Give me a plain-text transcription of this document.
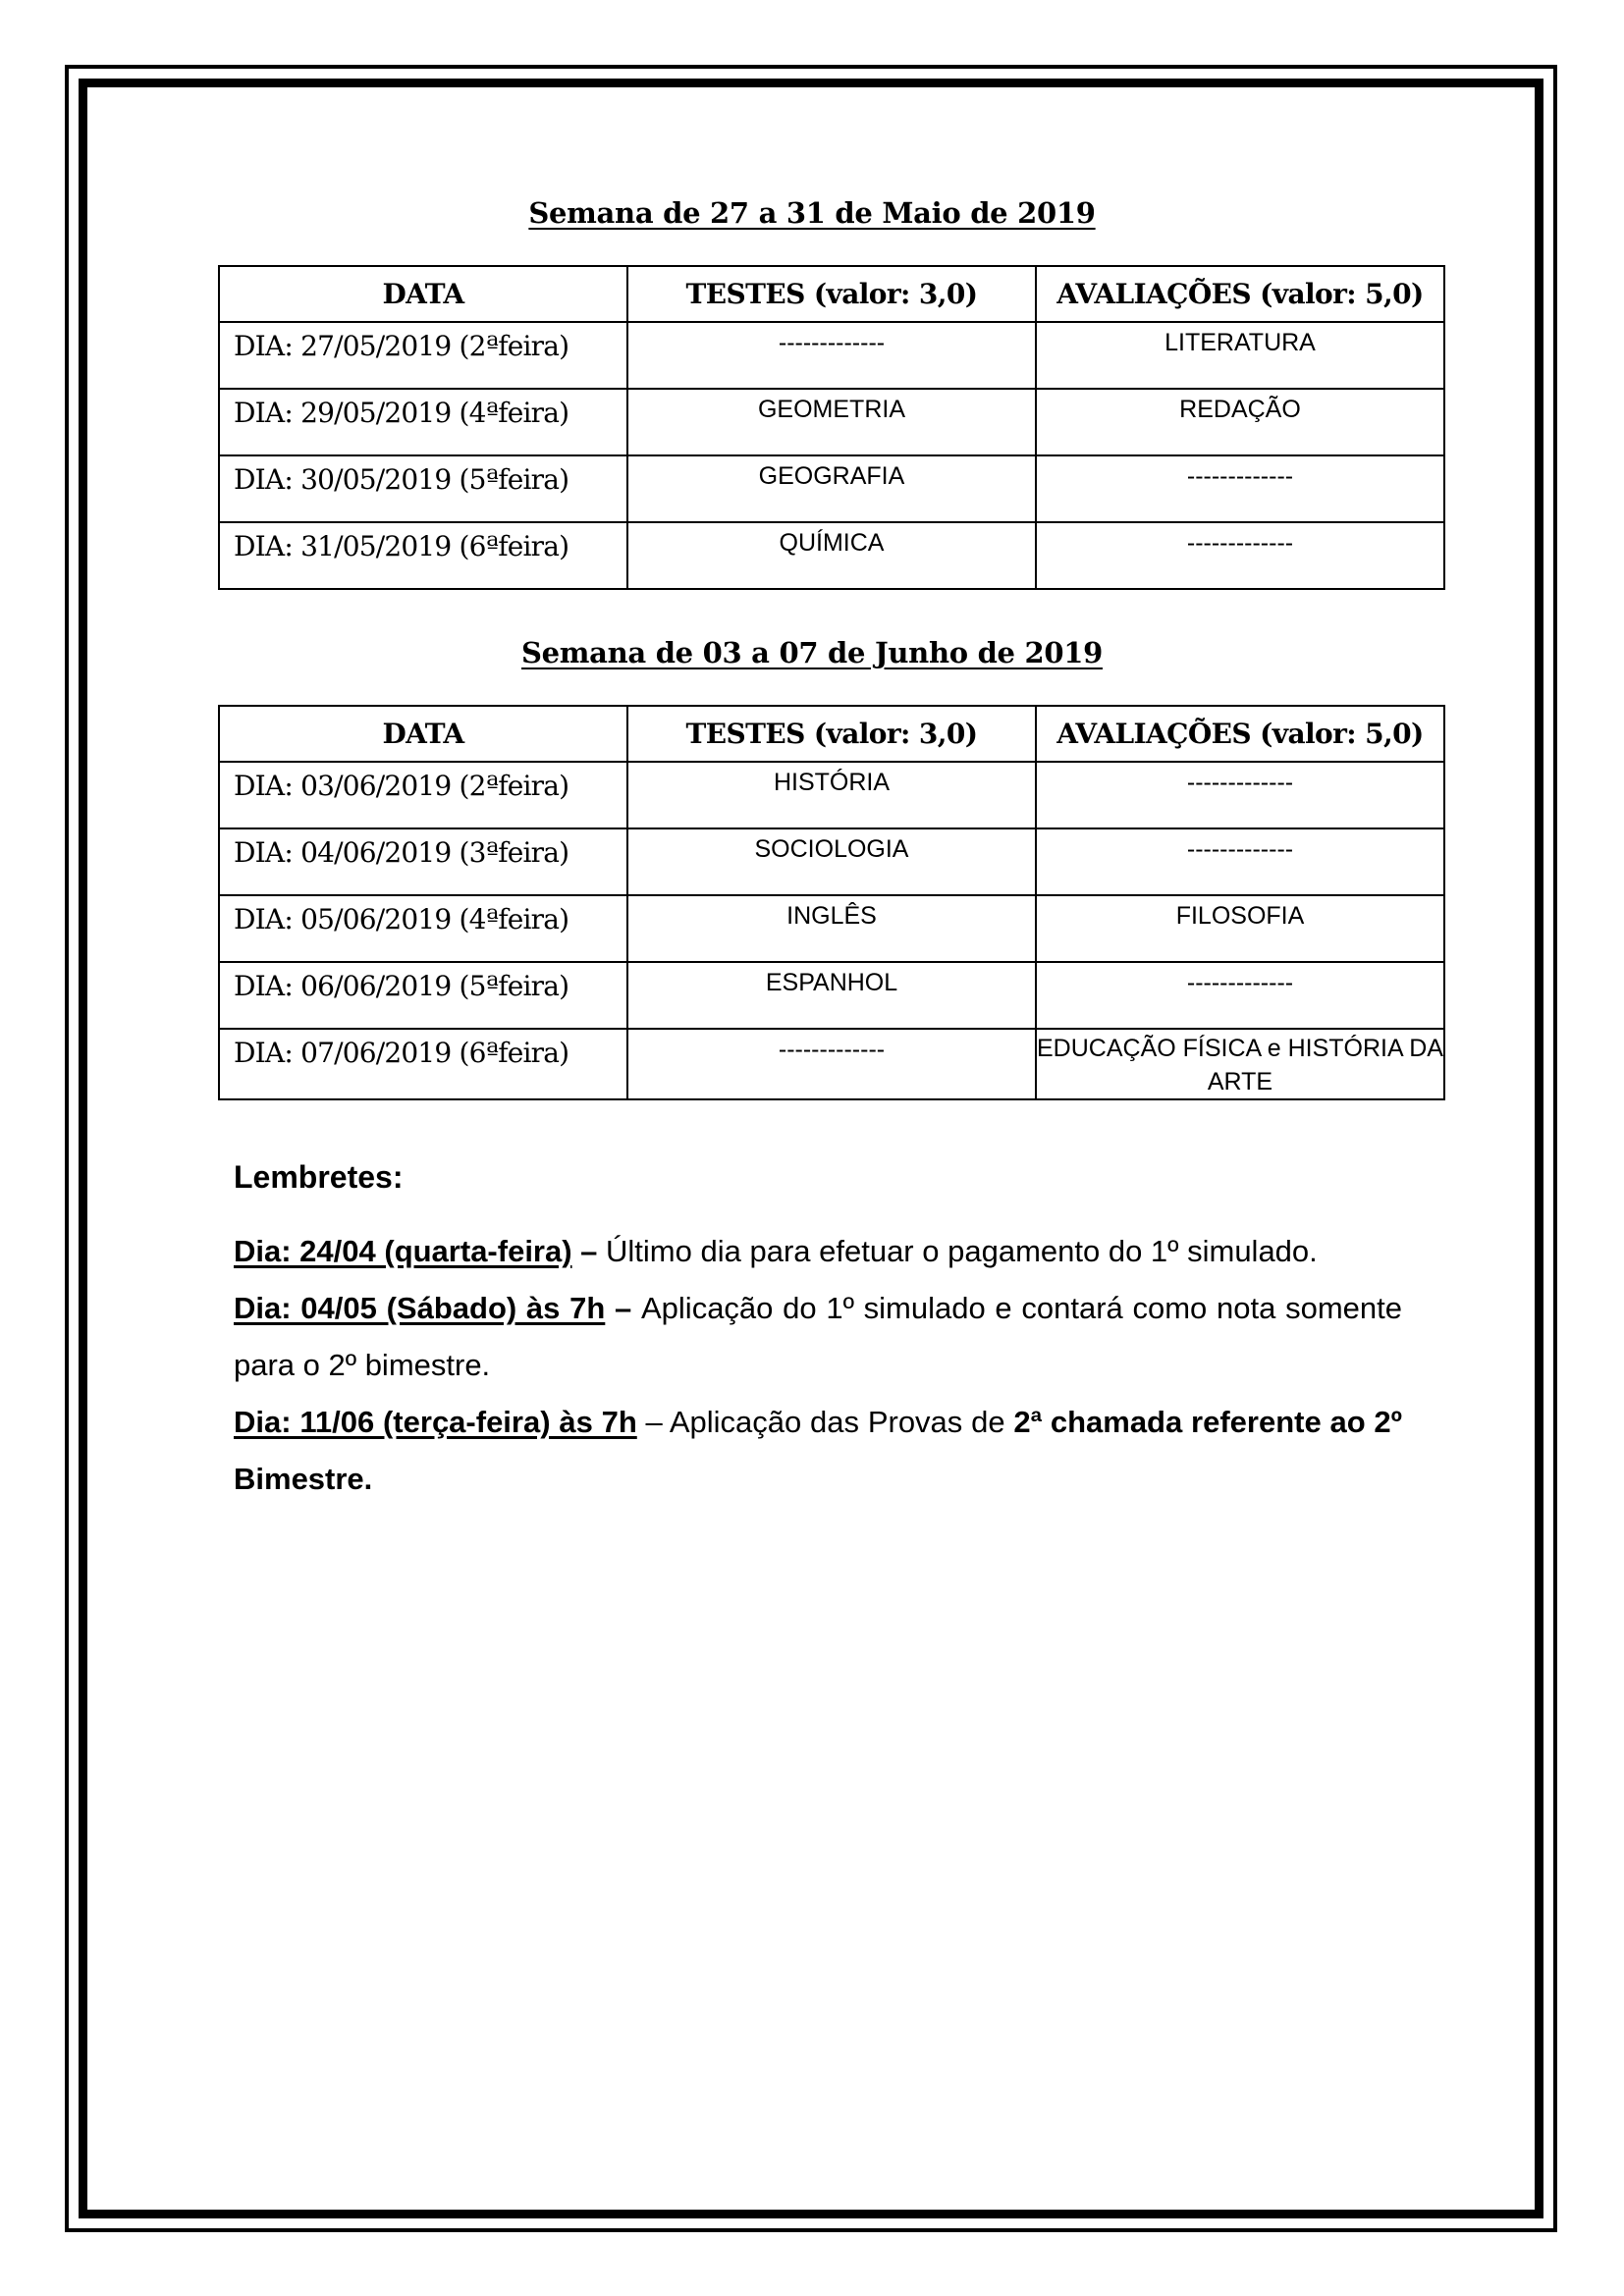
Semana de 27 a 31 de Maio de 2019
DATA	TESTES (valor: 3,0)	AVALIAÇÕES (valor: 5,0)
DIA: 27/05/2019 (2ªfeira)	-------------	LITERATURA
DIA: 29/05/2019 (4ªfeira)	GEOMETRIA	REDAÇÃO
DIA: 30/05/2019 (5ªfeira)	GEOGRAFIA	-------------
DIA: 31/05/2019 (6ªfeira)	QUÍMICA	-------------
Semana de 03 a 07 de Junho de 2019
DATA	TESTES (valor: 3,0)	AVALIAÇÕES (valor: 5,0)
DIA: 03/06/2019 (2ªfeira)	HISTÓRIA	-------------
DIA: 04/06/2019 (3ªfeira)	SOCIOLOGIA	-------------
DIA: 05/06/2019 (4ªfeira)	INGLÊS	FILOSOFIA
DIA: 06/06/2019 (5ªfeira)	ESPANHOL	-------------
DIA: 07/06/2019 (6ªfeira)	-------------	EDUCAÇÃO FÍSICA e HISTÓRIA DA ARTE
Lembretes:

Dia: 24/04 (quarta-feira) – Último dia para efetuar o pagamento do 1º simulado.

Dia: 04/05 (Sábado) às 7h – Aplicação do 1º simulado e contará como nota somente para o 2º bimestre.

Dia: 11/06 (terça-feira) às 7h – Aplicação das Provas de 2ª chamada referente ao 2º Bimestre.
